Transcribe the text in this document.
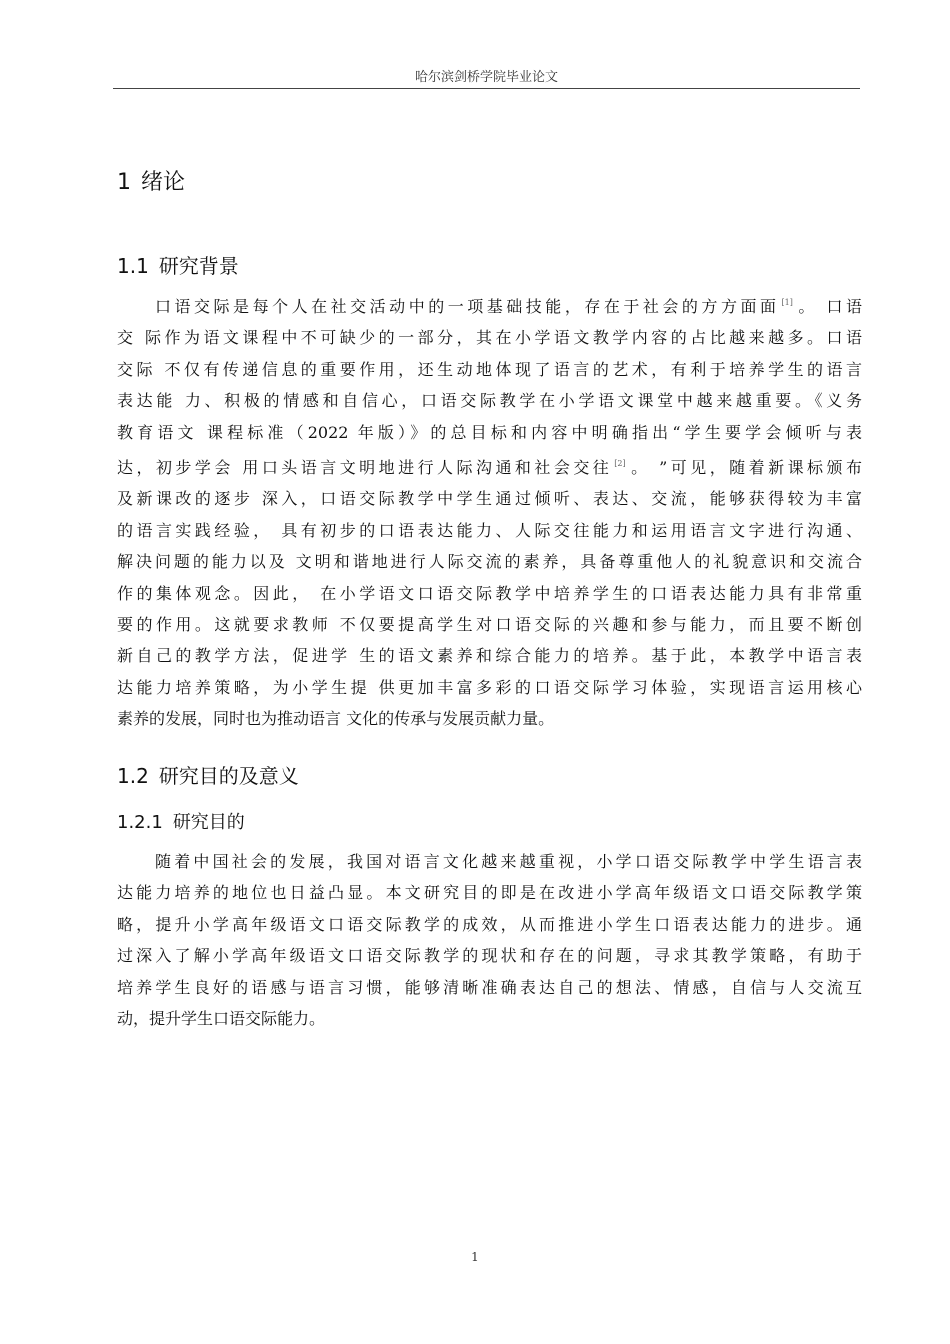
哈尔滨剑桥学院毕业论文
1 绪论
1.1 研究背景
口语交际是每个人在社交活动中的一项基础技能，存在于社会的方方面面 [1] 。 口语
交 际作为语文课程中不可缺少的一部分，其在小学语文教学内容的占比越来越多。口语
交际 不仅有传递信息的重要作用，还生动地体现了语言的艺术，有利于培养学生的语言
表达能 力、积极的情感和自信心，口语交际教学在小学语文课堂中越来越重要。《义务
教育语文 课程标准（2022 年版）》的总目标和内容中明确指出“学生要学会倾听与表
达，初步学会 用口头语言文明地进行人际沟通和社会交往 [2] 。 ”可见，随着新课标颁布
及新课改的逐步 深入，口语交际教学中学生通过倾听、表达、交流，能够获得较为丰富
的语言实践经验， 具有初步的口语表达能力、人际交往能力和运用语言文字进行沟通、
解决问题的能力以及 文明和谐地进行人际交流的素养，具备尊重他人的礼貌意识和交流合
作的集体观念。因此， 在小学语文口语交际教学中培养学生的口语表达能力具有非常重
要的作用。这就要求教师 不仅要提高学生对口语交际的兴趣和参与能力，而且要不断创
新自己的教学方法，促进学 生的语文素养和综合能力的培养。基于此，本教学中语言表
达能力培养策略，为小学生提 供更加丰富多彩的口语交际学习体验，实现语言运用核心
素养的发展，同时也为推动语言 文化的传承与发展贡献力量。
1.2 研究目的及意义
1.2.1 研究目的
随着中国社会的发展，我国对语言文化越来越重视，小学口语交际教学中学生语言表
达能力培养的地位也日益凸显。本文研究目的即是在改进小学高年级语文口语交际教学策
略，提升小学高年级语文口语交际教学的成效，从而推进小学生口语表达能力的进步。通
过深入了解小学高年级语文口语交际教学的现状和存在的问题，寻求其教学策略，有助于
培养学生良好的语感与语言习惯，能够清晰准确表达自己的想法、情感，自信与人交流互
动，提升学生口语交际能力。
1
